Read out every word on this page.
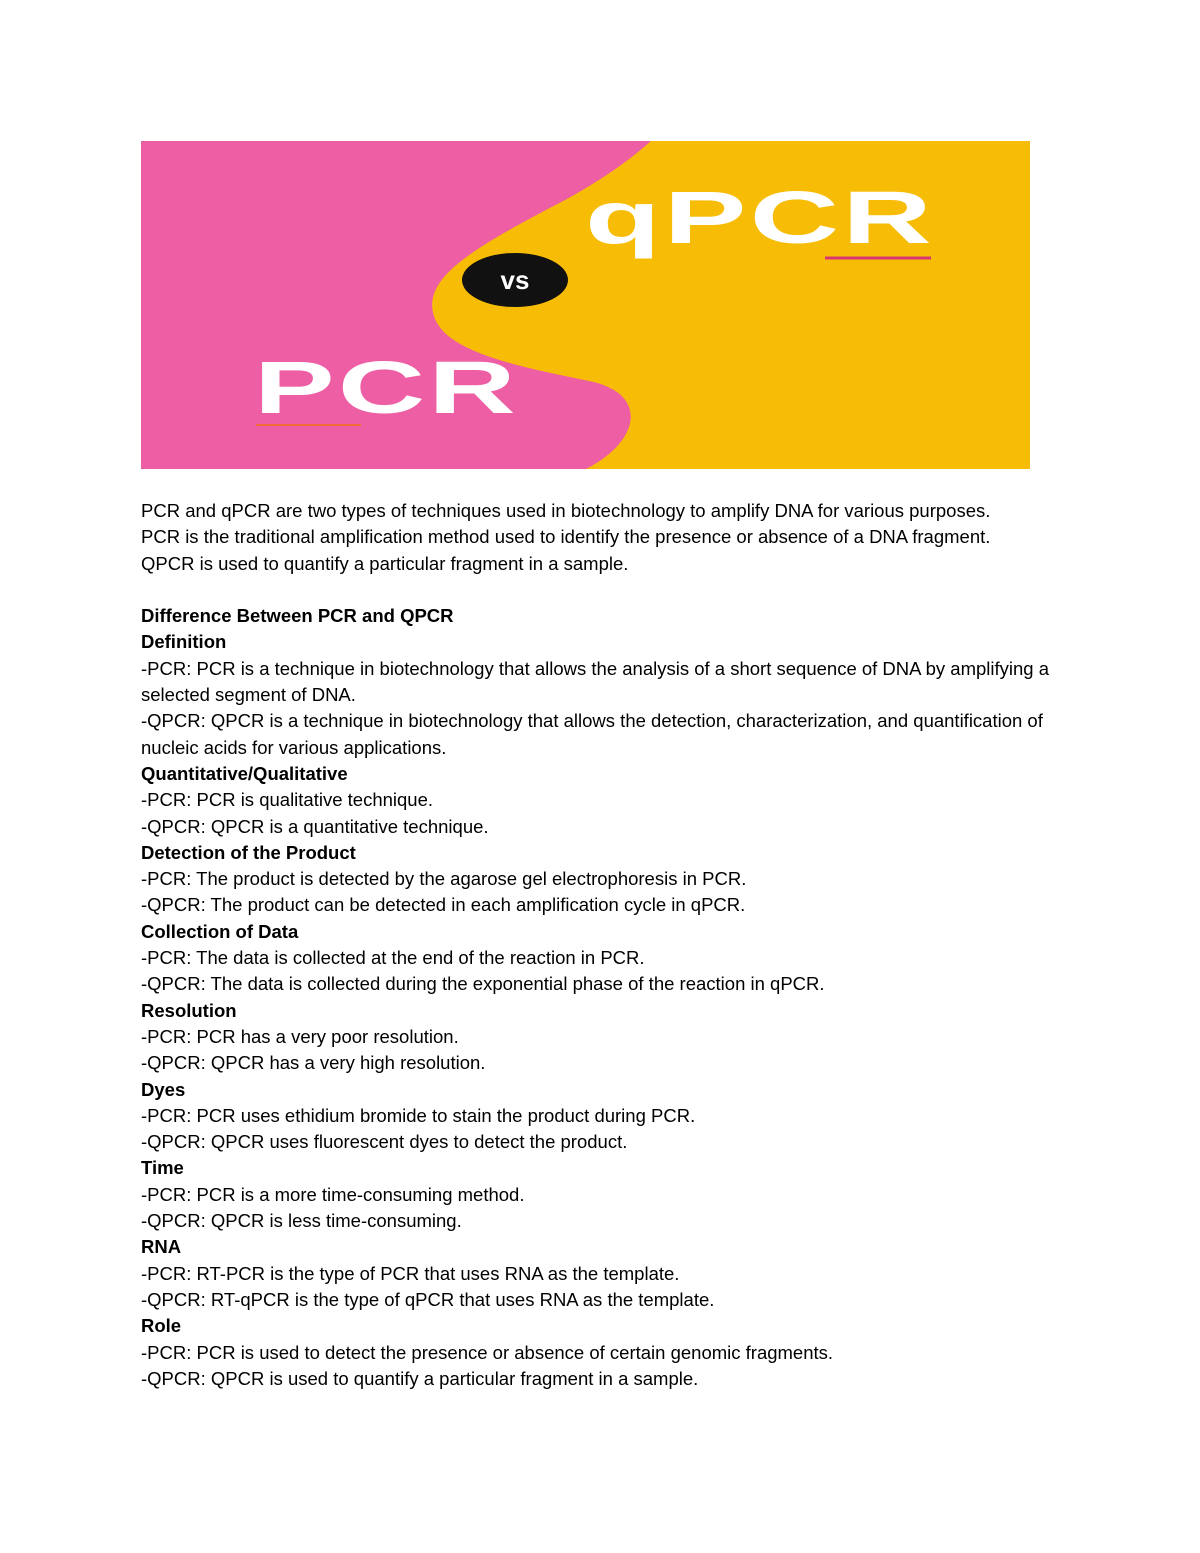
vs
qPCR
PCR

PCR and qPCR are two types of techniques used in biotechnology to amplify DNA for various purposes.

PCR is the traditional amplification method used to identify the presence or absence of a DNA fragment.

QPCR is used to quantify a particular fragment in a sample.

Difference Between PCR and QPCR

Definition

-PCR: PCR is a technique in biotechnology that allows the analysis of a short sequence of DNA by amplifying a selected segment of DNA.

-QPCR: QPCR is a technique in biotechnology that allows the detection, characterization, and quantification of nucleic acids for various applications.

Quantitative/Qualitative

-PCR: PCR is qualitative technique.

-QPCR: QPCR is a quantitative technique.

Detection of the Product

-PCR: The product is detected by the agarose gel electrophoresis in PCR.

-QPCR: The product can be detected in each amplification cycle in qPCR.

Collection of Data

-PCR: The data is collected at the end of the reaction in PCR.

-QPCR: The data is collected during the exponential phase of the reaction in qPCR.

Resolution

-PCR: PCR has a very poor resolution.

-QPCR: QPCR has a very high resolution.

Dyes

-PCR: PCR uses ethidium bromide to stain the product during PCR.

-QPCR: QPCR uses fluorescent dyes to detect the product.

Time

-PCR: PCR is a more time-consuming method.

-QPCR: QPCR is less time-consuming.

RNA

-PCR: RT-PCR is the type of PCR that uses RNA as the template.

-QPCR: RT-qPCR is the type of qPCR that uses RNA as the template.

Role

-PCR: PCR is used to detect the presence or absence of certain genomic fragments.

-QPCR: QPCR is used to quantify a particular fragment in a sample.
